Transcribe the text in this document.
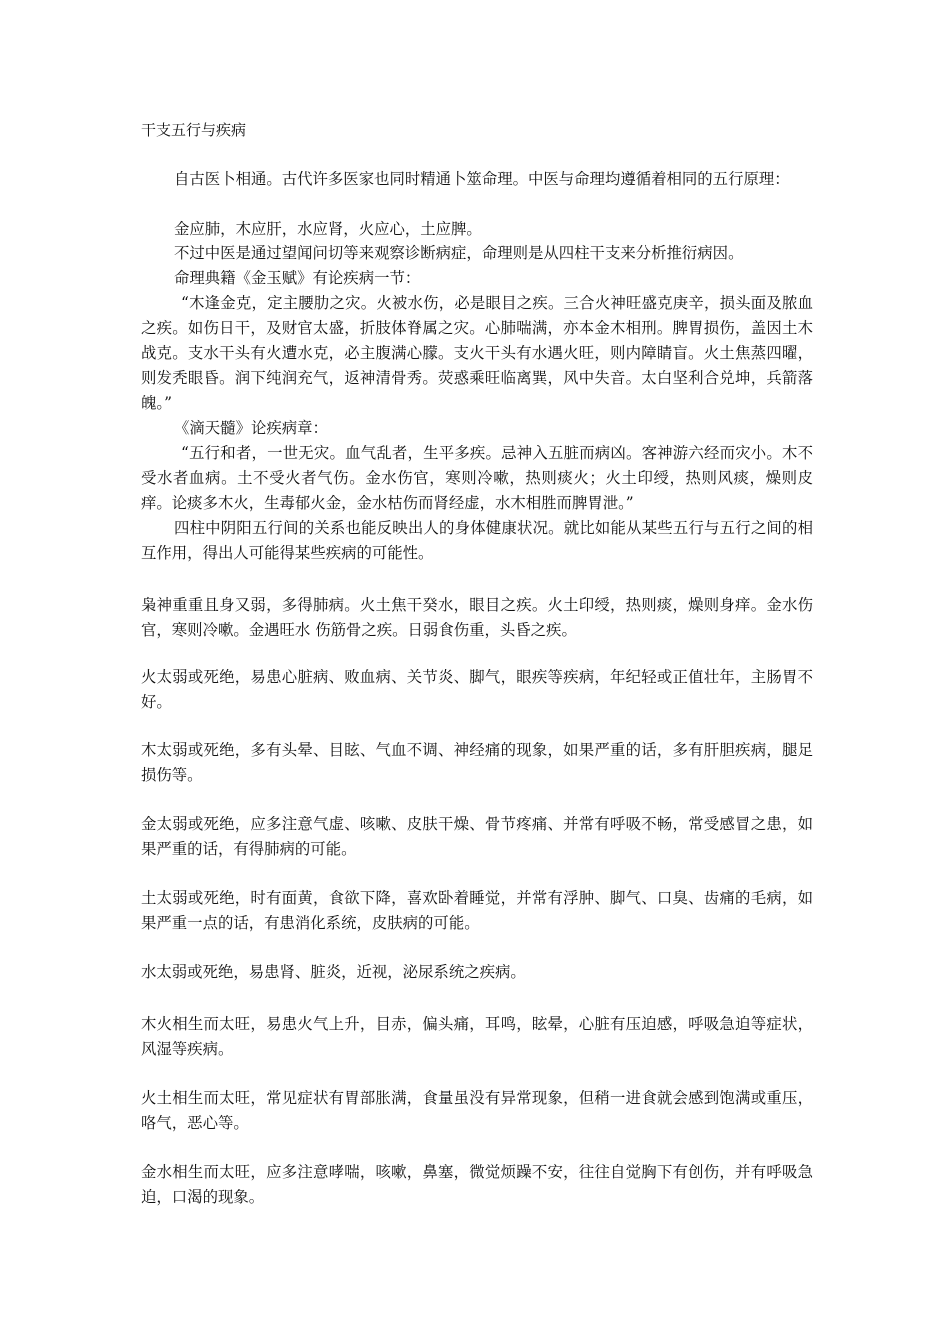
干支五行与疾病

自古医卜相通。古代许多医家也同时精通卜筮命理。中医与命理均遵循着相同的五行原理：

金应肺，木应肝，水应肾，火应心，土应脾。

不过中医是通过望闻问切等来观察诊断病症，命理则是从四柱干支来分析推衍病因。

命理典籍《金玉赋》有论疾病一节：

“木逢金克，定主腰肋之灾。火被水伤，必是眼目之疾。三合火神旺盛克庚辛，损头面及脓血之疾。如伤日干，及财官太盛，折肢体脊属之灾。心肺喘满，亦本金木相刑。脾胃损伤，盖因土木战克。支水干头有火遭水克，必主腹满心朦。支火干头有水遇火旺，则内障睛盲。火土焦蒸四曜，则发秃眼昏。润下纯润充气，返神清骨秀。荧惑乘旺临离巽，风中失音。太白坚利合兑坤，兵箭落魄。”

《滴天髓》论疾病章：

“五行和者，一世无灾。血气乱者，生平多疾。忌神入五脏而病凶。客神游六经而灾小。木不受水者血病。土不受火者气伤。金水伤官，寒则冷嗽，热则痰火；火土印绶，热则风痰，燥则皮痒。论痰多木火，生毒郁火金，金水枯伤而肾经虚，水木相胜而脾胃泄。”

四柱中阴阳五行间的关系也能反映出人的身体健康状况。就比如能从某些五行与五行之间的相互作用，得出人可能得某些疾病的可能性。

枭神重重且身又弱，多得肺病。火土焦干癸水，眼目之疾。火土印绶，热则痰，燥则身痒。金水伤官，寒则冷嗽。金遇旺水 伤筋骨之疾。日弱食伤重，头昏之疾。

火太弱或死绝，易患心脏病、败血病、关节炎、脚气，眼疾等疾病，年纪轻或正值壮年，主肠胃不好。

木太弱或死绝，多有头晕、目眩、气血不调、神经痛的现象，如果严重的话，多有肝胆疾病，腿足损伤等。

金太弱或死绝，应多注意气虚、咳嗽、皮肤干燥、骨节疼痛、并常有呼吸不畅，常受感冒之患，如果严重的话，有得肺病的可能。

土太弱或死绝，时有面黄，食欲下降，喜欢卧着睡觉，并常有浮肿、脚气、口臭、齿痛的毛病，如果严重一点的话，有患消化系统，皮肤病的可能。

水太弱或死绝，易患肾、脏炎，近视，泌尿系统之疾病。

木火相生而太旺，易患火气上升，目赤，偏头痛，耳鸣，眩晕，心脏有压迫感，呼吸急迫等症状，风湿等疾病。

火土相生而太旺，常见症状有胃部胀满，食量虽没有异常现象，但稍一进食就会感到饱满或重压，咯气，恶心等。

金水相生而太旺，应多注意哮喘，咳嗽，鼻塞，微觉烦躁不安，往往自觉胸下有创伤，并有呼吸急迫，口渴的现象。
